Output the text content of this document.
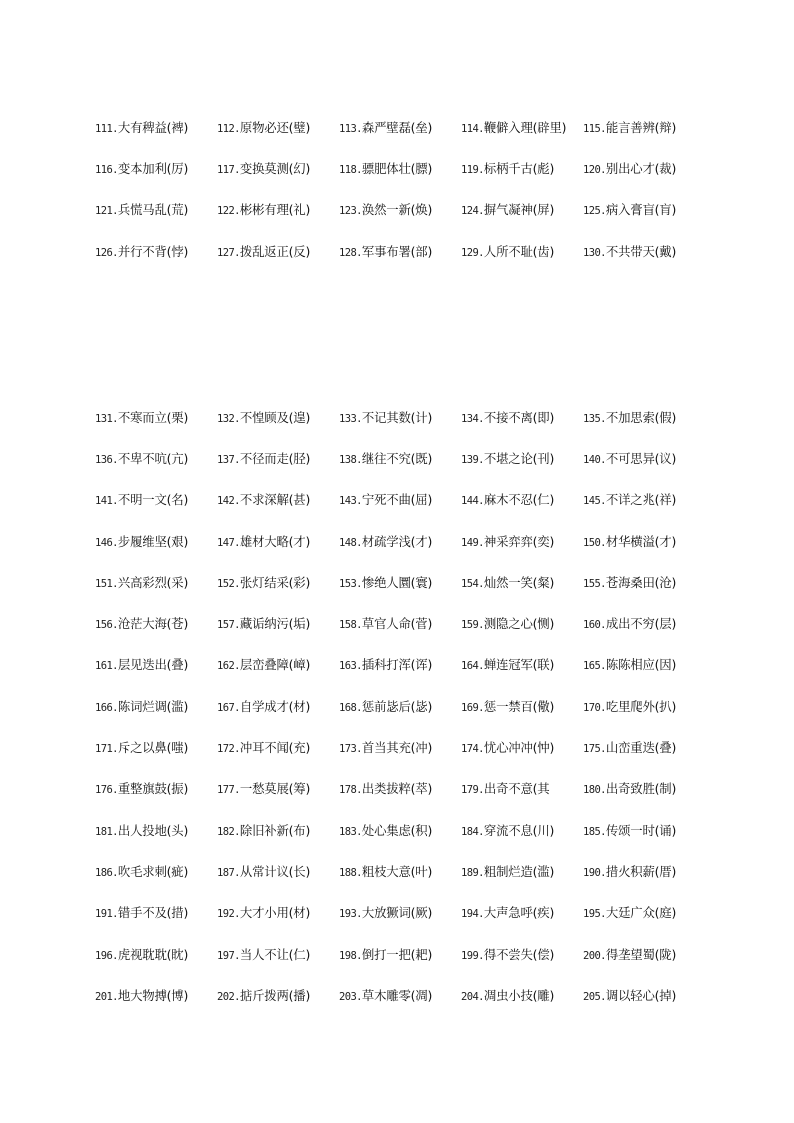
111.大有稗益(裨)	112.原物必还(璧)	113.森严壁磊(垒)	114.鞭僻入理(辟里)	115.能言善辨(辩)
116.变本加利(厉)	117.变换莫测(幻)	118.骠肥体壮(膘)	119.标柄千古(彪)	120.别出心才(裁)
121.兵慌马乱(荒)	122.彬彬有理(礼)	123.涣然一新(焕)	124.摒气凝神(屏)	125.病入膏盲(肓)
126.并行不背(悖)	127.拨乱返正(反)	128.军事布署(部)	129.人所不耻(齿)	130.不共带天(戴)
131.不寒而立(栗)	132.不惶顾及(遑)	133.不记其数(计)	134.不接不离(即)	135.不加思索(假)
136.不卑不吭(亢)	137.不径而走(胫)	138.继往不究(既)	139.不堪之论(刊)	140.不可思异(议)
141.不明一文(名)	142.不求深解(甚)	143.宁死不曲(屈)	144.麻木不忍(仁)	145.不详之兆(祥)
146.步履维坚(艰)	147.雄材大略(才)	148.材疏学浅(才)	149.神采弈弈(奕)	150.材华横溢(才)
151.兴高彩烈(采)	152.张灯结采(彩)	153.惨绝人圜(寰)	154.灿然一笑(粲)	155.苍海桑田(沧)
156.沧茫大海(苍)	157.藏诟纳污(垢)	158.草官人命(菅)	159.测隐之心(恻)	160.成出不穷(层)
161.层见迭出(叠)	162.层峦叠障(嶂)	163.插科打浑(诨)	164.蝉连冠军(联)	165.陈陈相应(因)
166.陈词烂调(滥)	167.自学成才(材)	168.惩前毖后(毖)	169.惩一禁百(儆)	170.吃里爬外(扒)
171.斥之以鼻(嗤)	172.冲耳不闻(充)	173.首当其充(冲)	174.忧心冲冲(忡)	175.山峦重迭(叠)
176.重整旗鼓(振)	177.一愁莫展(筹)	178.出类拔粹(萃)	179.出奇不意(其	180.出奇致胜(制)
181.出人投地(头)	182.除旧补新(布)	183.处心集虑(积)	184.穿流不息(川)	185.传颂一时(诵)
186.吹毛求刺(疵)	187.从常计议(长)	188.粗枝大意(叶)	189.粗制烂造(滥)	190.措火积薪(厝)
191.错手不及(措)	192.大才小用(材)	193.大放獗词(厥)	194.大声急呼(疾)	195.大廷广众(庭)
196.虎视耽耽(眈)	197.当人不让(仁)	198.倒打一把(耙)	199.得不尝失(偿)	200.得垄望蜀(陇)
201.地大物搏(博)	202.掂斤拨两(播)	203.草木雕零(凋)	204.凋虫小技(雕)	205.调以轻心(掉)
